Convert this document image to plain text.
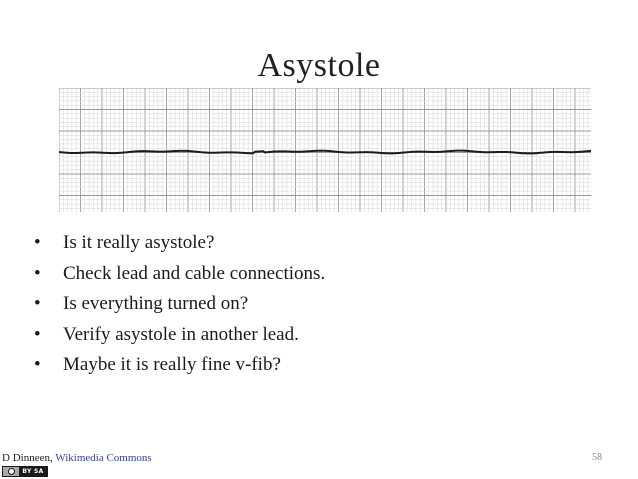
Asystole
• Is it really asystole?
• Check lead and cable connections.
• Is everything turned on?
• Verify asystole in another lead.
• Maybe it is really fine v-fib?
D Dinneen, Wikimedia Commons	58
BY SA
